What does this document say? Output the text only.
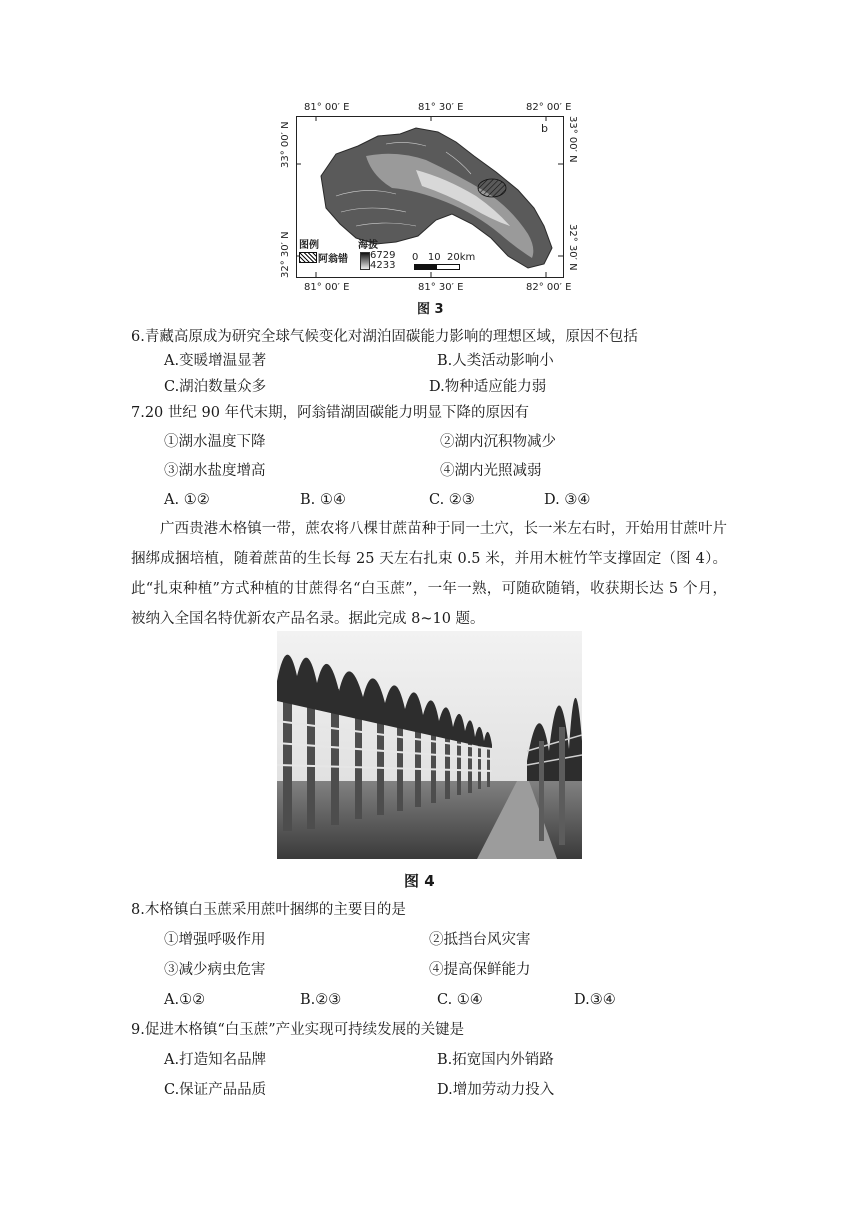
81° 00′ E	81° 30′ E	82° 00′ E
33° 00′ N
32° 30′ N
33° 00′ N
32° 30′ N
b
图例
阿翁错
海拔
6729
4233
0   10  20km
81° 00′ E	81° 30′ E	82° 00′ E
图 3
6.青藏高原成为研究全球气候变化对湖泊固碳能力影响的理想区域，原因不包括
A.变暖增温显著	B.人类活动影响小
C.湖泊数量众多	D.物种适应能力弱
7.20 世纪 90 年代末期，阿翁错湖固碳能力明显下降的原因有
①湖水温度下降	②湖内沉积物减少
③湖水盐度增高	④湖内光照减弱
A. ①②	B. ①④	C. ②③	D. ③④
广西贵港木格镇一带，蔗农将八棵甘蔗苗种于同一土穴，长一米左右时，开始用甘蔗叶片捆绑成捆培植，随着蔗苗的生长每 25 天左右扎束 0.5 米，并用木桩竹竿支撑固定（图 4）。此“扎束种植”方式种植的甘蔗得名“白玉蔗”，一年一熟，可随砍随销，收获期长达 5 个月，被纳入全国名特优新农产品名录。据此完成 8~10 题。
图 4
8.木格镇白玉蔗采用蔗叶捆绑的主要目的是
①增强呼吸作用	②抵挡台风灾害
③减少病虫危害	④提高保鲜能力
A.①②	B.②③	C. ①④	D.③④
9.促进木格镇“白玉蔗”产业实现可持续发展的关键是
A.打造知名品牌	B.拓宽国内外销路
C.保证产品品质	D.增加劳动力投入
